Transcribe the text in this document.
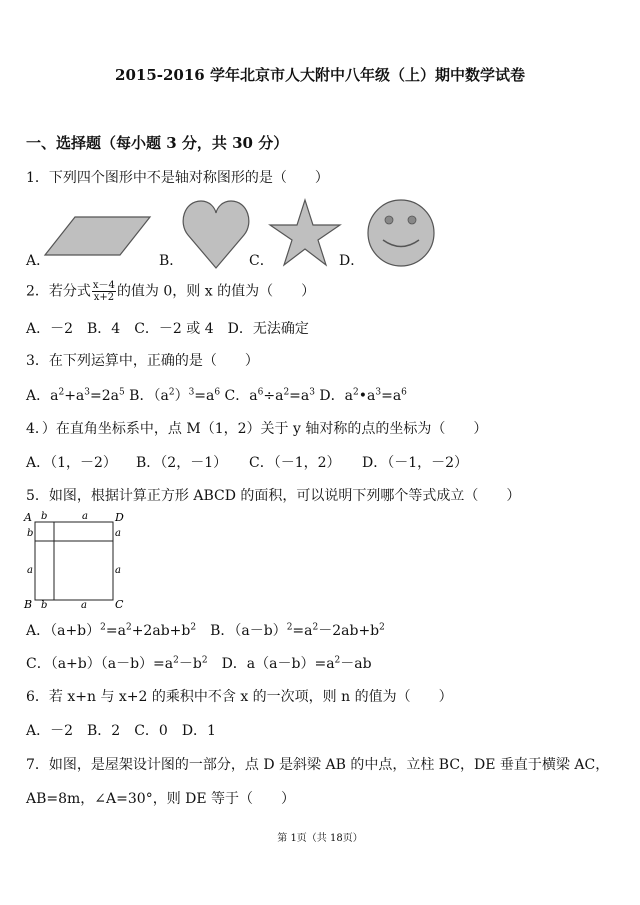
2015-2016 学年北京市人大附中八年级（上）期中数学试卷
一、选择题（每小题 3 分，共 30 分）
1．下列四个图形中不是轴对称图形的是（　　）
A．	B．	C．	D．
2．若分式 $\frac{x-4}{x+2}$ 的值为 0，则 x 的值为（　　）
A．－2　B．4　C．－2 或 4　D．无法确定
3．在下列运算中，正确的是（　　）
A．$a^2+a^3=2a^5$ B．$(a^2)^3=a^6$ C．$a^6\div a^2=a^3$ D．$a^2•a^3=a^6$
4．）在直角坐标系中，点 M（1，2）关于 y 轴对称的点的坐标为（　　）
A．（1，－2） B．（2，－1） C．（－1，2） D．（－1，－2）
5．如图，根据计算正方形 ABCD 的面积，可以说明下列哪个等式成立（　　）
A	D
B	C
b	a
b
a
a
a
b	a
A．$(a+b)^2=a^2+2ab+b^2$　B．$(a-b)^2=a^2-2ab+b^2$
C．$(a+b)(a-b)=a^2-b^2$　D．$a(a-b)=a^2-ab$
6．若 x+n 与 x+2 的乘积中不含 x 的一次项，则 n 的值为（　　）
A．－2　B．2　C．0　D．1
7．如图，是屋架设计图的一部分，点 D 是斜梁 AB 的中点，立柱 BC，DE 垂直于横梁 AC，
AB=8m，∠A=30°，则 DE 等于（　　）
第 1页（共 18页）
